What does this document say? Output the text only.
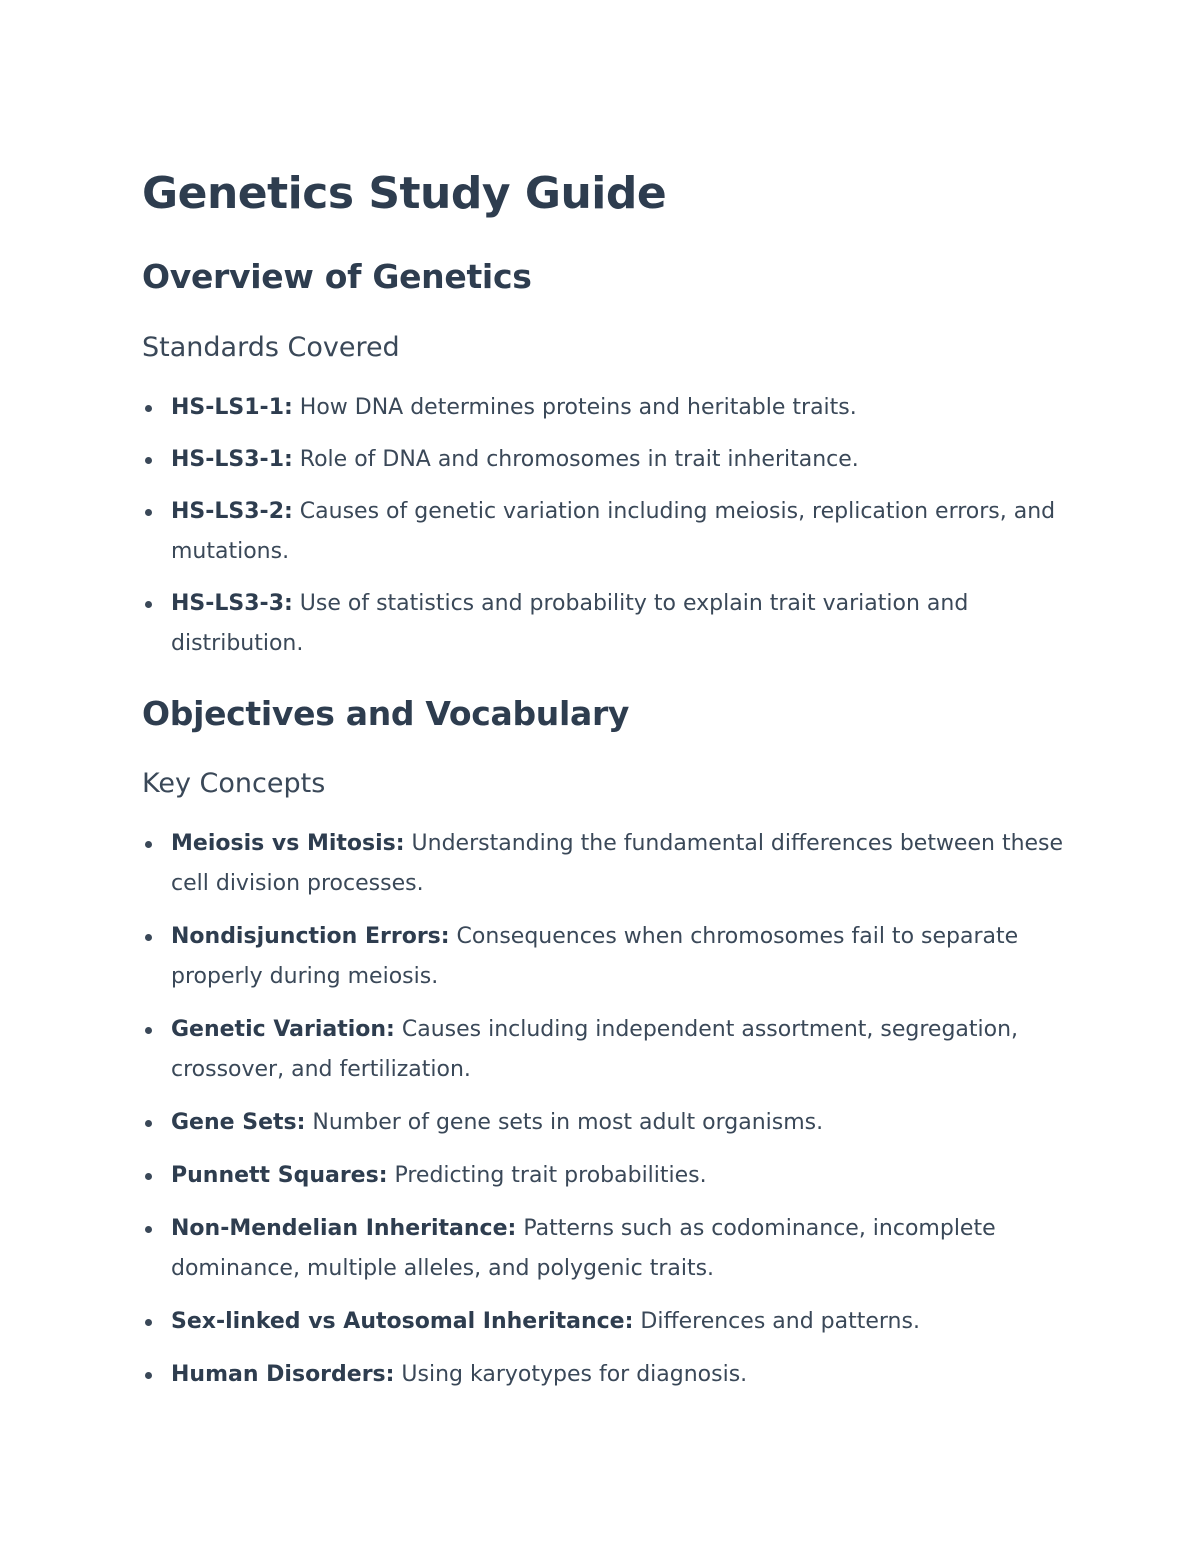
Genetics Study Guide
Overview of Genetics
Standards Covered
HS-LS1-1: How DNA determines proteins and heritable traits.
HS-LS3-1: Role of DNA and chromosomes in trait inheritance.
HS-LS3-2: Causes of genetic variation including meiosis, replication errors, and mutations.
HS-LS3-3: Use of statistics and probability to explain trait variation and distribution.
Objectives and Vocabulary
Key Concepts
Meiosis vs Mitosis: Understanding the fundamental differences between these cell division processes.
Nondisjunction Errors: Consequences when chromosomes fail to separate properly during meiosis.
Genetic Variation: Causes including independent assortment, segregation, crossover, and fertilization.
Gene Sets: Number of gene sets in most adult organisms.
Punnett Squares: Predicting trait probabilities.
Non-Mendelian Inheritance: Patterns such as codominance, incomplete dominance, multiple alleles, and polygenic traits.
Sex-linked vs Autosomal Inheritance: Differences and patterns.
Human Disorders: Using karyotypes for diagnosis.
